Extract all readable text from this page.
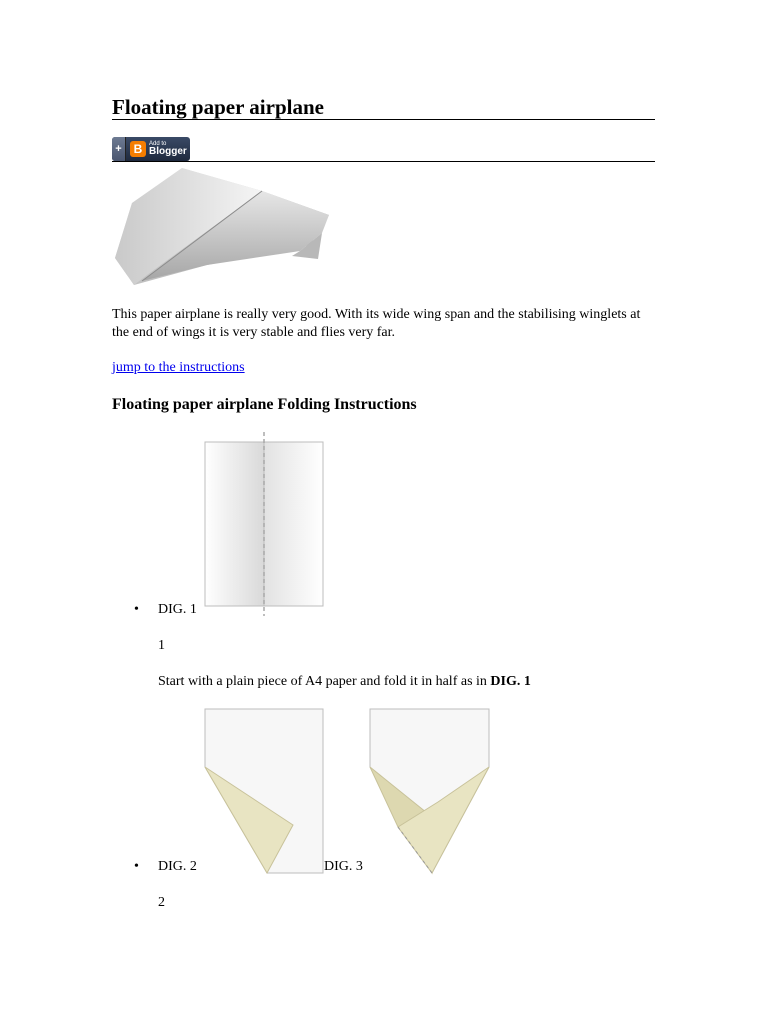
Floating paper airplane
+ B	Add to
Blogger

This paper airplane is really very good. With its wide wing span and the stabilising winglets at the end of wings it is very stable and flies very far.

jump to the instructions
Floating paper airplane Folding Instructions
• DIG. 1
1

Start with a plain piece of A4 paper and fold it in half as in DIG. 1

• DIG. 2	DIG. 3
2
